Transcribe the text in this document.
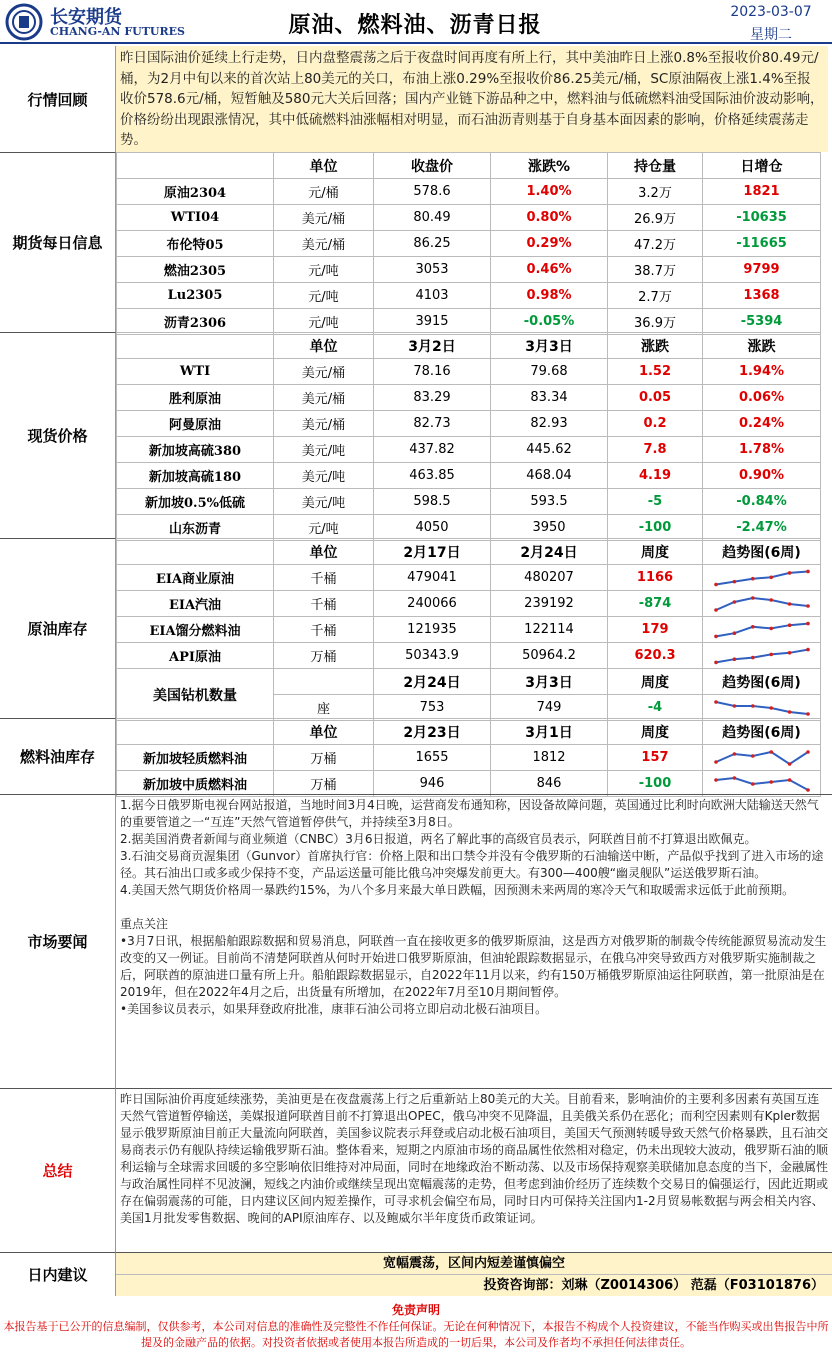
长安期货
CHANG-AN FUTURES	原油、燃料油、沥青日报
2023-03-07
星期二
行情回顾
昨日国际油价延续上行走势，日内盘整震荡之后于夜盘时间再度有所上行，其中美油昨日上涨0.8%至报收价80.49元/桶，为2月中旬以来的首次站上80美元的关口，布油上涨0.29%至报收价86.25美元/桶，SC原油隔夜上涨1.4%至报收价578.6元/桶，短暂触及580元大关后回落；国内产业链下游品种之中，燃料油与低硫燃料油受国际油价波动影响，价格纷纷出现跟涨情况，其中低硫燃料油涨幅相对明显，而石油沥青则基于自身基本面因素的影响，价格延续震荡走势。
期货每日信息
	单位	收盘价	涨跌%	持仓量	日增仓
原油2304	元/桶	578.6	1.40%	3.2万	1821
WTI04	美元/桶	80.49	0.80%	26.9万	-10635
布伦特05	美元/桶	86.25	0.29%	47.2万	-11665
燃油2305	元/吨	3053	0.46%	38.7万	9799
Lu2305	元/吨	4103	0.98%	2.7万	1368
沥青2306	元/吨	3915	-0.05%	36.9万	-5394
现货价格
	单位	3月2日	3月3日	涨跌	涨跌
WTI	美元/桶	78.16	79.68	1.52	1.94%
胜利原油	美元/桶	83.29	83.34	0.05	0.06%
阿曼原油	美元/桶	82.73	82.93	0.2	0.24%
新加坡高硫380	美元/吨	437.82	445.62	7.8	1.78%
新加坡高硫180	美元/吨	463.85	468.04	4.19	0.90%
新加坡0.5%低硫	美元/吨	598.5	593.5	-5	-0.84%
山东沥青	元/吨	4050	3950	-100	-2.47%
原油库存
	单位	2月17日	2月24日	周度	趋势图(6周)
EIA商业原油	千桶	479041	480207	1166	

EIA汽油	千桶	240066	239192	-874	

EIA馏分燃料油	千桶	121935	122114	179	

API原油	万桶	50343.9	50964.2	620.3	

美国钻机数量		2月24日	3月3日	周度	趋势图(6周)
	座	753	749	-4	
燃料油库存
	单位	2月23日	3月1日	周度	趋势图(6周)
新加坡轻质燃料油	万桶	1655	1812	157	

新加坡中质燃料油	万桶	946	846	-100	
市场要闻
1.据今日俄罗斯电视台网站报道，当地时间3月4日晚，运营商发布通知称，因设备故障问题，英国通过比利时向欧洲大陆输送天然气的重要管道之一“互连”天然气管道暂停供气，并持续至3月8日。
2.据美国消费者新闻与商业频道（CNBC）3月6日报道，两名了解此事的高级官员表示，阿联酋目前不打算退出欧佩克。
3.石油交易商贡渥集团（Gunvor）首席执行官：价格上限和出口禁令并没有令俄罗斯的石油输送中断，产品似乎找到了进入市场的途径。其石油出口或多或少保持不变，产品运送量可能比俄乌冲突爆发前更大。有300—400艘“幽灵舰队”运送俄罗斯石油。
4.美国天然气期货价格周一暴跌约15%，为八个多月来最大单日跌幅，因预测未来两周的寒冷天气和取暖需求远低于此前预期。

重点关注
•3月7日讯，根据船舶跟踪数据和贸易消息，阿联酋一直在接收更多的俄罗斯原油，这是西方对俄罗斯的制裁令传统能源贸易流动发生改变的又一例证。目前尚不清楚阿联酋从何时开始进口俄罗斯原油，但油轮跟踪数据显示，在俄乌冲突导致西方对俄罗斯实施制裁之后，阿联酋的原油进口量有所上升。船舶跟踪数据显示，自2022年11月以来，约有150万桶俄罗斯原油运往阿联酋，第一批原油是在2019年，但在2022年4月之后，出货量有所增加，在2022年7月至10月期间暂停。
•美国参议员表示，如果拜登政府批准，康菲石油公司将立即启动北极石油项目。
总结
昨日国际油价再度延续涨势，美油更是在夜盘震荡上行之后重新站上80美元的大关。目前看来，影响油价的主要利多因素有英国互连天然气管道暂停输送，美媒报道阿联酋目前不打算退出OPEC，俄乌冲突不见降温，且美俄关系仍在恶化；而利空因素则有Kpler数据显示俄罗斯原油目前正大量流向阿联酋，美国参议院表示拜登或启动北极石油项目，美国天气预测转暖导致天然气价格暴跌，且石油交易商表示仍有舰队持续运输俄罗斯石油。整体看来，短期之内原油市场的商品属性依然相对稳定，仍未出现较大波动，俄罗斯石油的顺利运输与全球需求回暖的多空影响依旧维持对冲局面，同时在地缘政治不断动荡、以及市场保持观察美联储加息态度的当下，金融属性与政治属性同样不见波澜，短线之内油价或继续呈现出宽幅震荡的走势，但考虑到油价经历了连续数个交易日的偏强运行，因此近期或存在偏弱震荡的可能，日内建议区间内短差操作，可寻求机会偏空布局，同时日内可保持关注国内1-2月贸易帐数据与两会相关内容、美国1月批发零售数据、晚间的API原油库存、以及鲍威尔半年度货币政策证词。
日内建议
宽幅震荡，区间内短差谨慎偏空
投资咨询部：刘琳（Z0014306） 范磊（F03101876）
免责声明
本报告基于已公开的信息编制，仅供参考，本公司对信息的准确性及完整性不作任何保证。无论在何种情况下，本报告不构成个人投资建议，不能当作购买或出售报告中所提及的金融产品的依据。对投资者依据或者使用本报告所造成的一切后果，本公司及作者均不承担任何法律责任。
